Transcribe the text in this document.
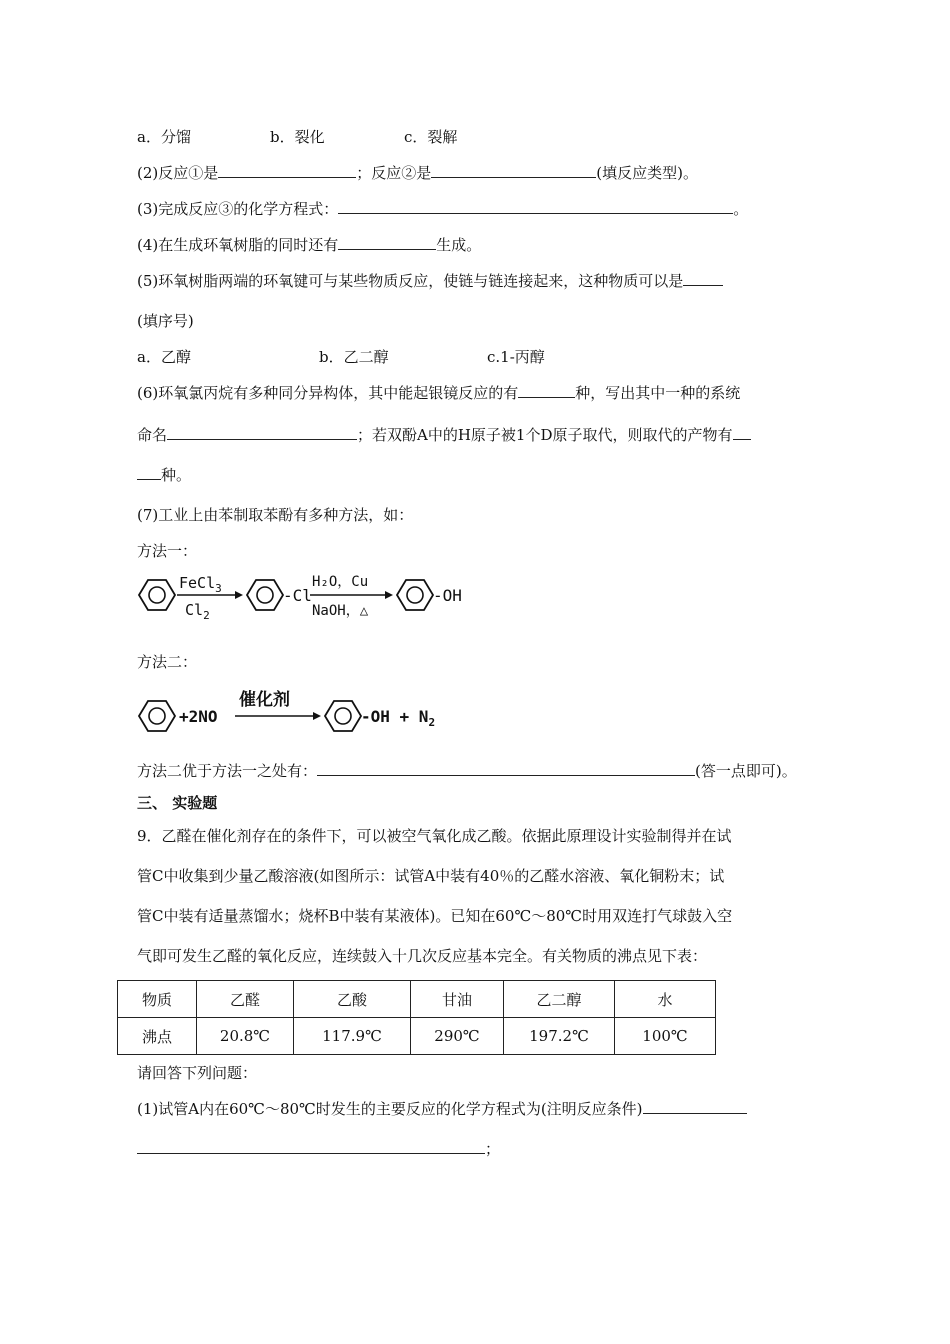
a．分馏	b．裂化	c．裂解
(2)反应①是	；反应②是	(填反应类型)。
(3)完成反应③的化学方程式：	。
(4)在生成环氧树脂的同时还有	生成。
(5)环氧树脂两端的环氧键可与某些物质反应，使链与链连接起来，这种物质可以是
(填序号)
a．乙醇	b．乙二醇	c.1-丙醇
(6)环氧氯丙烷有多种同分异构体，其中能起银镜反应的有	种，写出其中一种的系统
命名	；若双酚A中的H原子被1个D原子取代，则取代的产物有
种。
(7)工业上由苯制取苯酚有多种方法，如：
方法一：
FeCl$_3$
$Cl_2$
-Cl
H₂O，Cu
NaOH，△
-OH
方法二：
+2NO
催化剂
$-OH + N_2$
方法二优于方法一之处有：	(答一点即可)。
三、 实验题
9．乙醛在催化剂存在的条件下，可以被空气氧化成乙酸。依据此原理设计实验制得并在试
管C中收集到少量乙酸溶液(如图所示：试管A中装有40％的乙醛水溶液、氧化铜粉末；试
管C中装有适量蒸馏水；烧杯B中装有某液体)。已知在60℃～80℃时用双连打气球鼓入空
气即可发生乙醛的氧化反应，连续鼓入十几次反应基本完全。有关物质的沸点见下表：
物质	乙醛	乙酸	甘油	乙二醇	水
沸点	20.8℃	117.9℃	290℃	197.2℃	100℃
请回答下列问题：
(1)试管A内在60℃～80℃时发生的主要反应的化学方程式为(注明反应条件)
；
